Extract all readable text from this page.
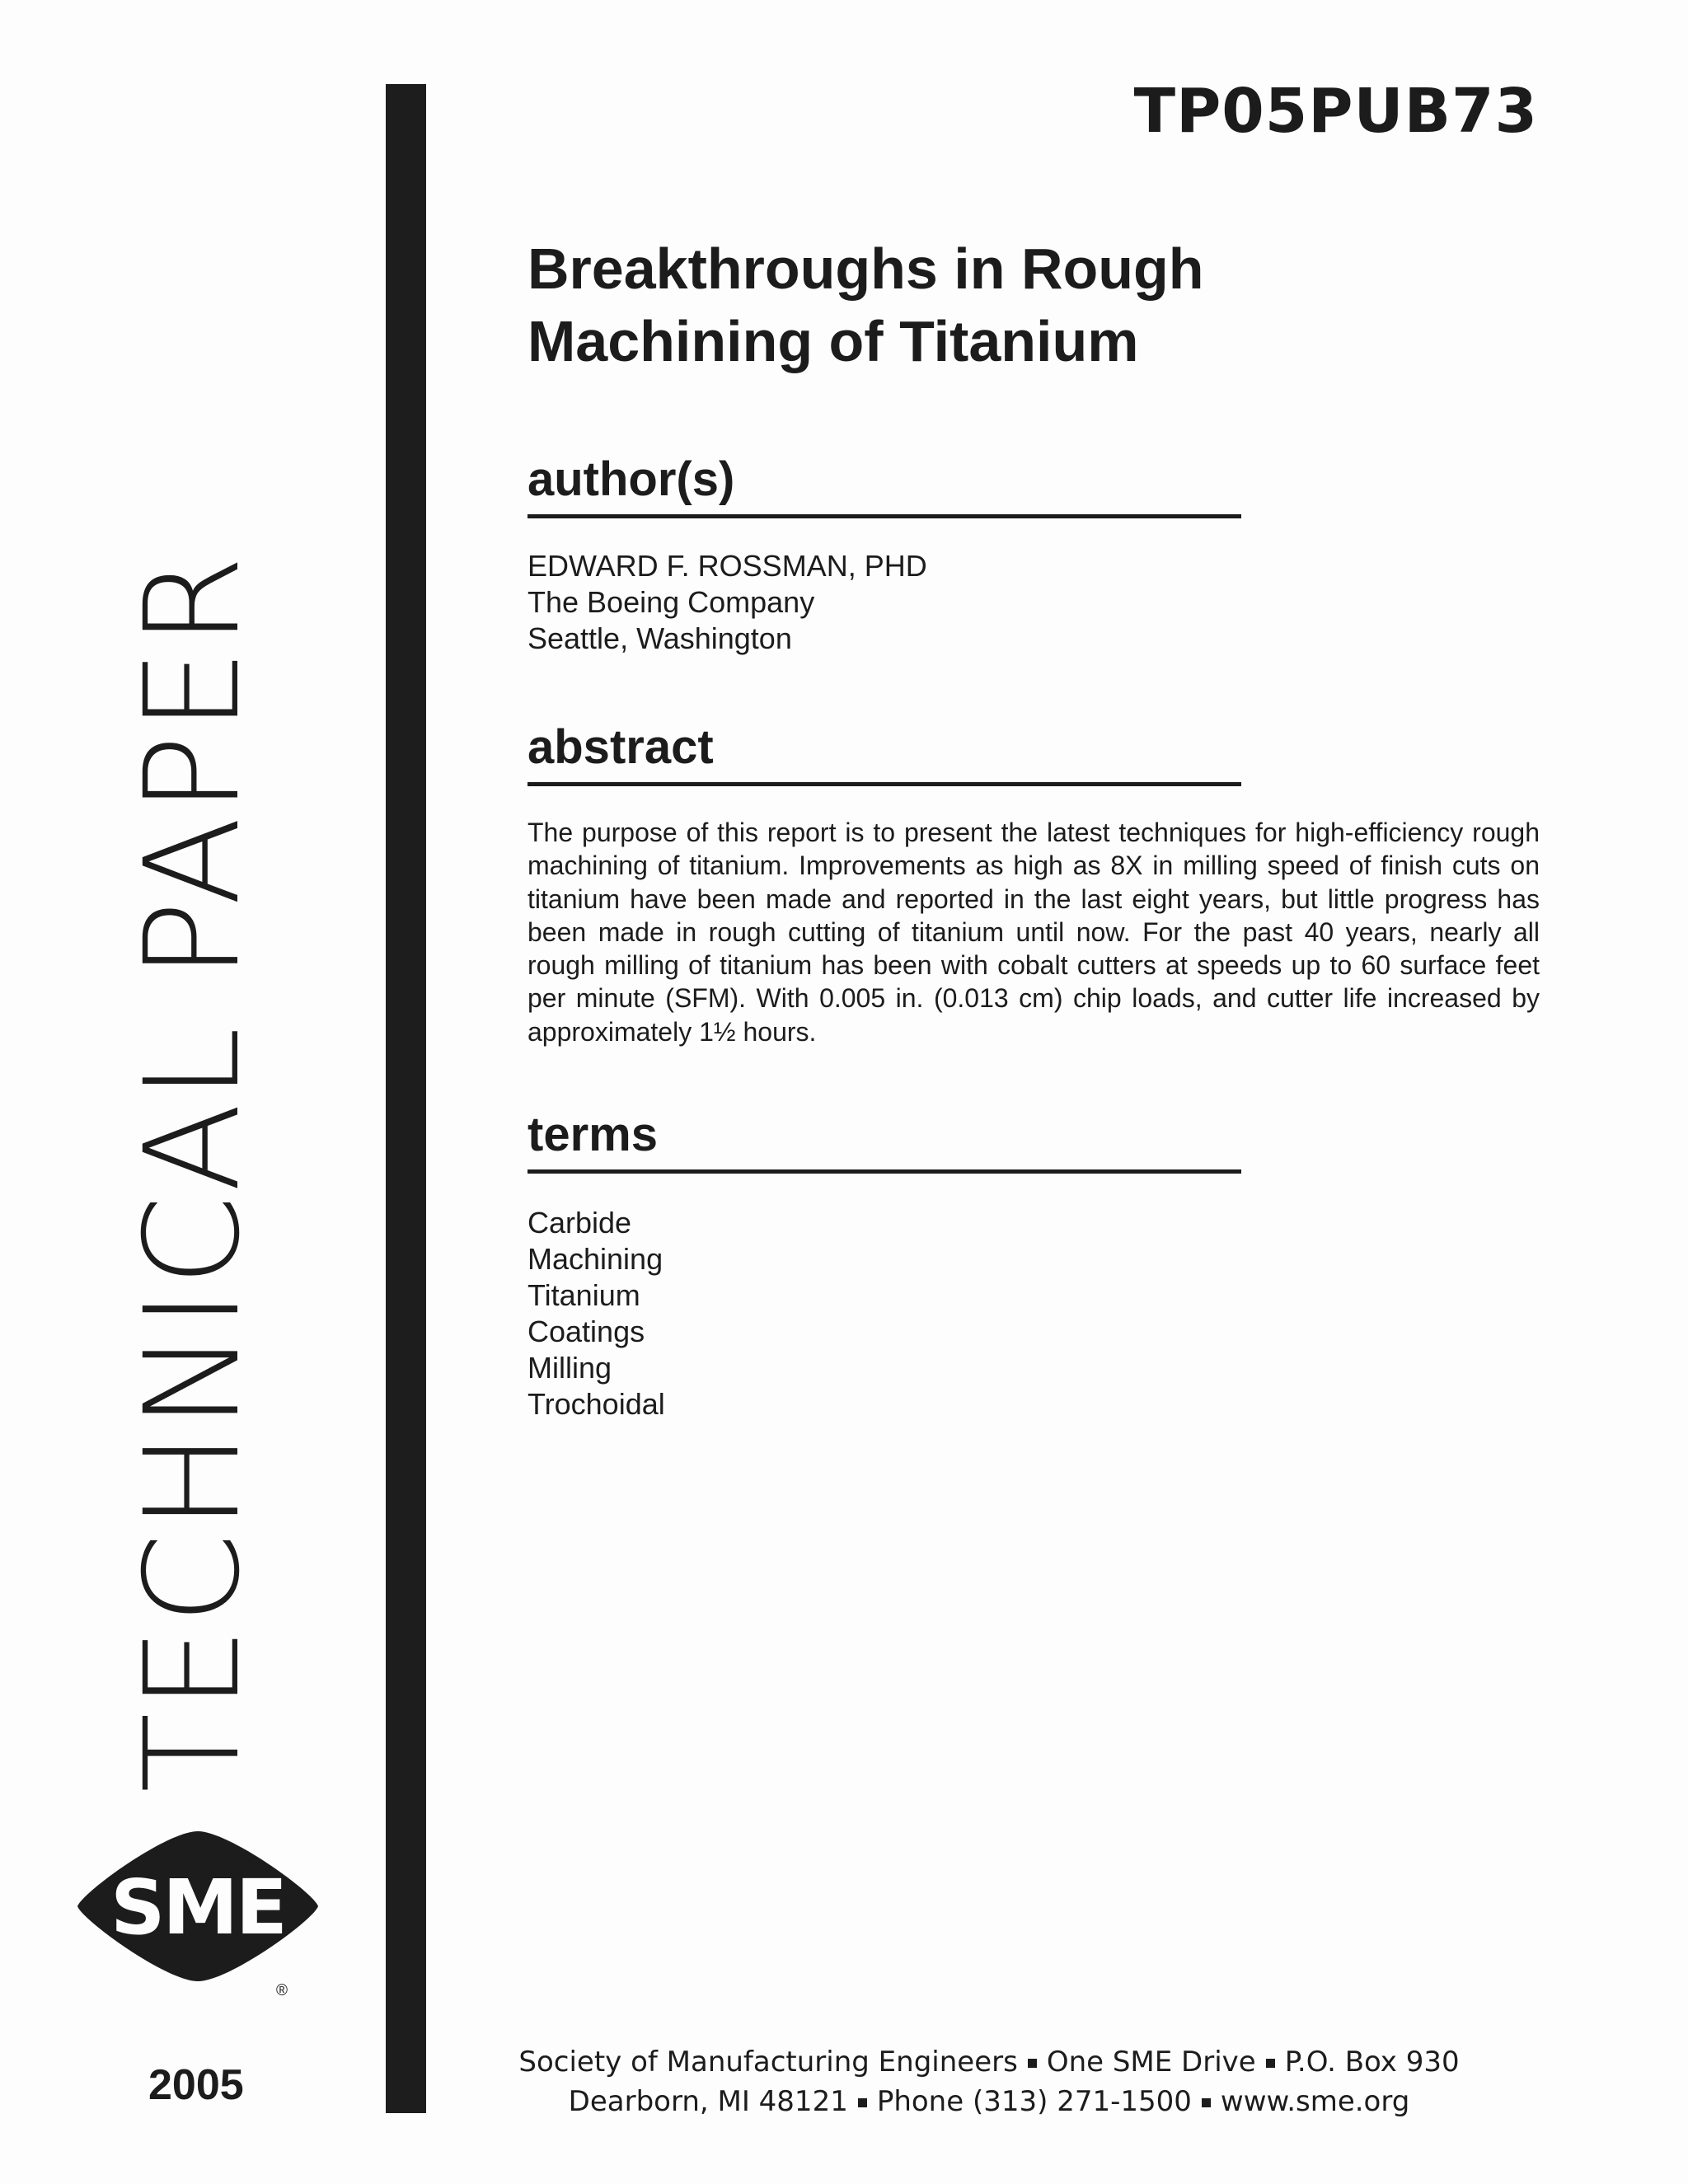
TECHNICAL PAPER
SME
®
2005
TP05PUB73
Breakthroughs in Rough
Machining of Titanium
author(s)
EDWARD F. ROSSMAN, PHD
The Boeing Company
Seattle, Washington
abstract

The purpose of this report is to present the latest techniques for high-efficiency rough machining of titanium. Improvements as high as 8X in milling speed of finish cuts on titanium have been made and reported in the last eight years, but little progress has been made in rough cutting of titanium until now. For the past 40 years, nearly all rough milling of titanium has been with cobalt cutters at speeds up to 60 surface feet per minute (SFM). With 0.005 in. (0.013 cm) chip loads, and cutter life increased by approximately 1½ hours.

terms
Carbide
Machining
Titanium
Coatings
Milling
Trochoidal
Society of Manufacturing Engineers One SME Drive P.O. Box 930
Dearborn, MI 48121 Phone (313) 271-1500 www.sme.org
